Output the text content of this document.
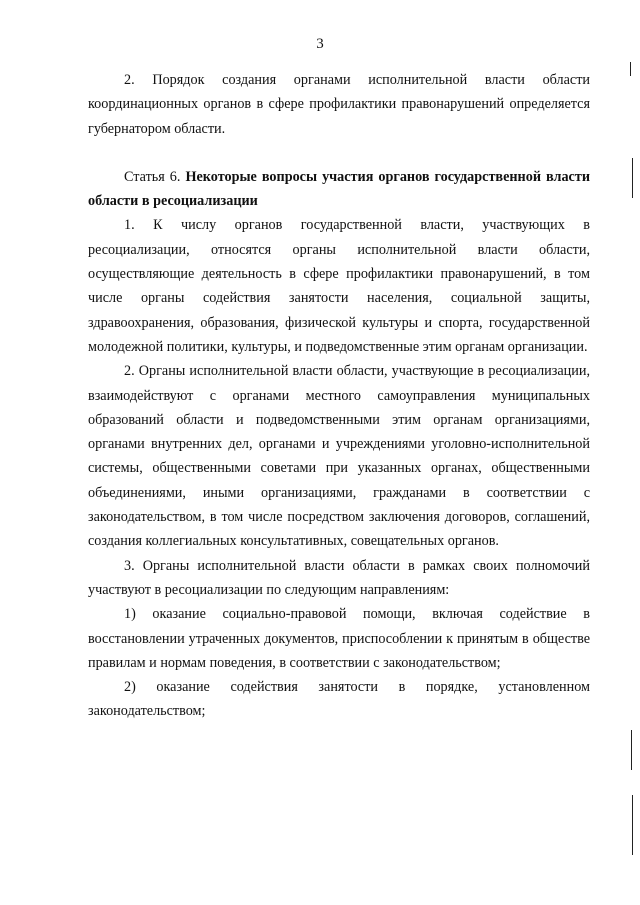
3

2. Порядок создания органами исполнительной власти области координационных органов в сфере профилактики правонарушений определяется губернатором области.

Статья 6. Некоторые вопросы участия органов государственной власти области в ресоциализации

1. К числу органов государственной власти, участвующих в ресоциализации, относятся органы исполнительной власти области, осуществляющие деятельность в сфере профилактики правонарушений, в том числе органы содействия занятости населения, социальной защиты, здравоохранения, образования, физической культуры и спорта, государственной молодежной политики, культуры, и подведомственные этим органам организации.

2. Органы исполнительной власти области, участвующие в ресоциализации, взаимодействуют с органами местного самоуправления муниципальных образований области и подведомственными этим органам организациями, органами внутренних дел, органами и учреждениями уголовно-исполнительной системы, общественными советами при указанных органах, общественными объединениями, иными организациями, гражданами в соответствии с законодательством, в том числе посредством заключения договоров, соглашений, создания коллегиальных консультативных, совещательных органов.

3. Органы исполнительной власти области в рамках своих полномочий участвуют в ресоциализации по следующим направлениям:

1) оказание социально-правовой помощи, включая содействие в восстановлении утраченных документов, приспособлении к принятым в обществе правилам и нормам поведения, в соответствии с законодательством;

2) оказание содействия занятости в порядке, установленном законодательством;
